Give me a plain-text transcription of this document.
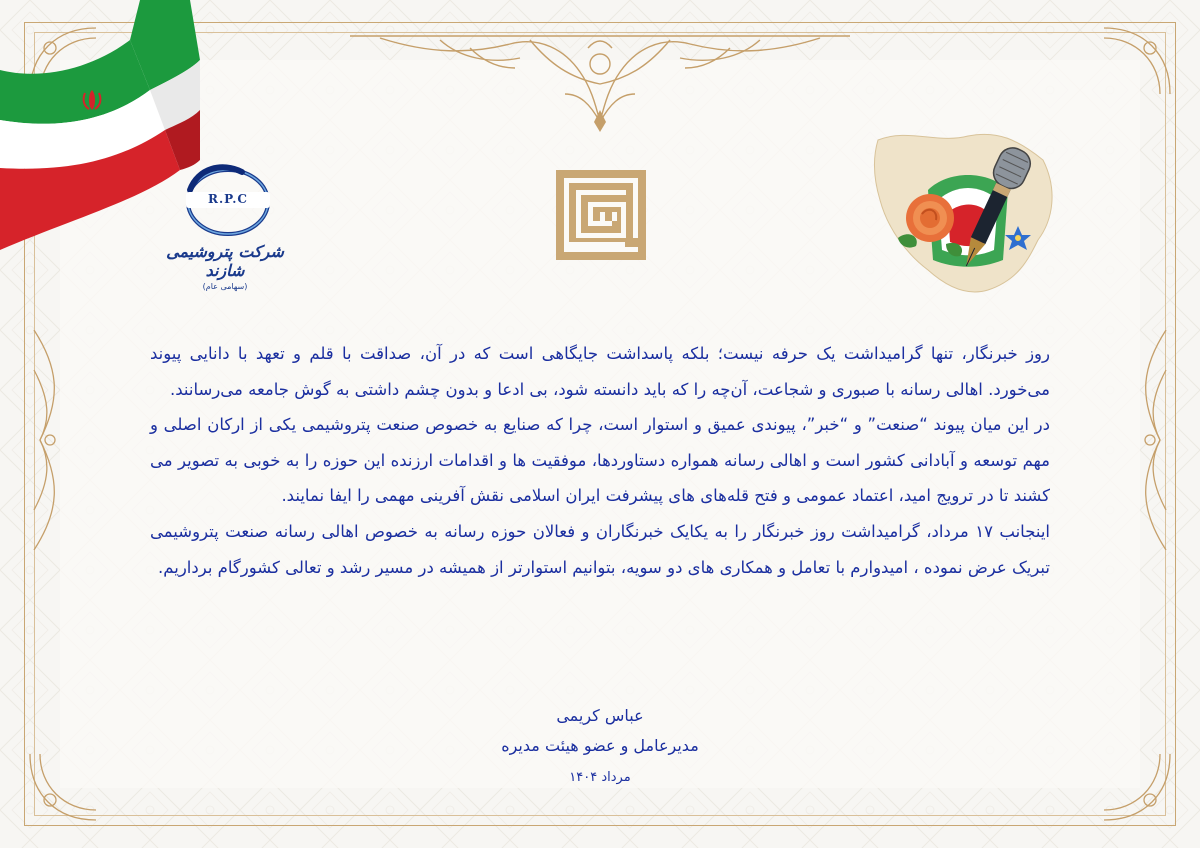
R.P.C
شرکت پتروشیمی شازند
(سهامی عام)

روز خبرنگار، تنها گرامیداشت یک حرفه نیست؛ بلکه پاسداشت جایگاهی است که در آن، صداقت با قلم و تعهد با دانایی پیوند می‌خورد. اهالی رسانه با صبوری و شجاعت، آن‌چه را که باید دانسته شود، بی ادعا و بدون چشم داشتی به گوش جامعه می‌رسانند.

در این میان پیوند “صنعت” و “خبر”، پیوندی عمیق و استوار است، چرا که صنایع به خصوص صنعت پتروشیمی یکی از ارکان اصلی و مهم توسعه و آبادانی کشور است و اهالی رسانه همواره دستاوردها، موفقیت ها و اقدامات ارزنده این حوزه را به خوبی به تصویر می کشند تا در ترویج امید، اعتماد عمومی و فتح قله‌های های پیشرفت ایران اسلامی نقش آفرینی مهمی را ایفا نمایند.

اینجانب ۱۷ مرداد، گرامیداشت روز خبرنگار را به یکایک خبرنگاران و فعالان حوزه رسانه به خصوص اهالی رسانه صنعت پتروشیمی تبریک عرض نموده ، امیدوارم با تعامل و همکاری های دو سویه، بتوانیم استوارتر از همیشه در مسیر رشد و تعالی کشورگام برداریم.

عباس کریمی
مدیرعامل و عضو هیئت مدیره
مرداد ۱۴۰۴
